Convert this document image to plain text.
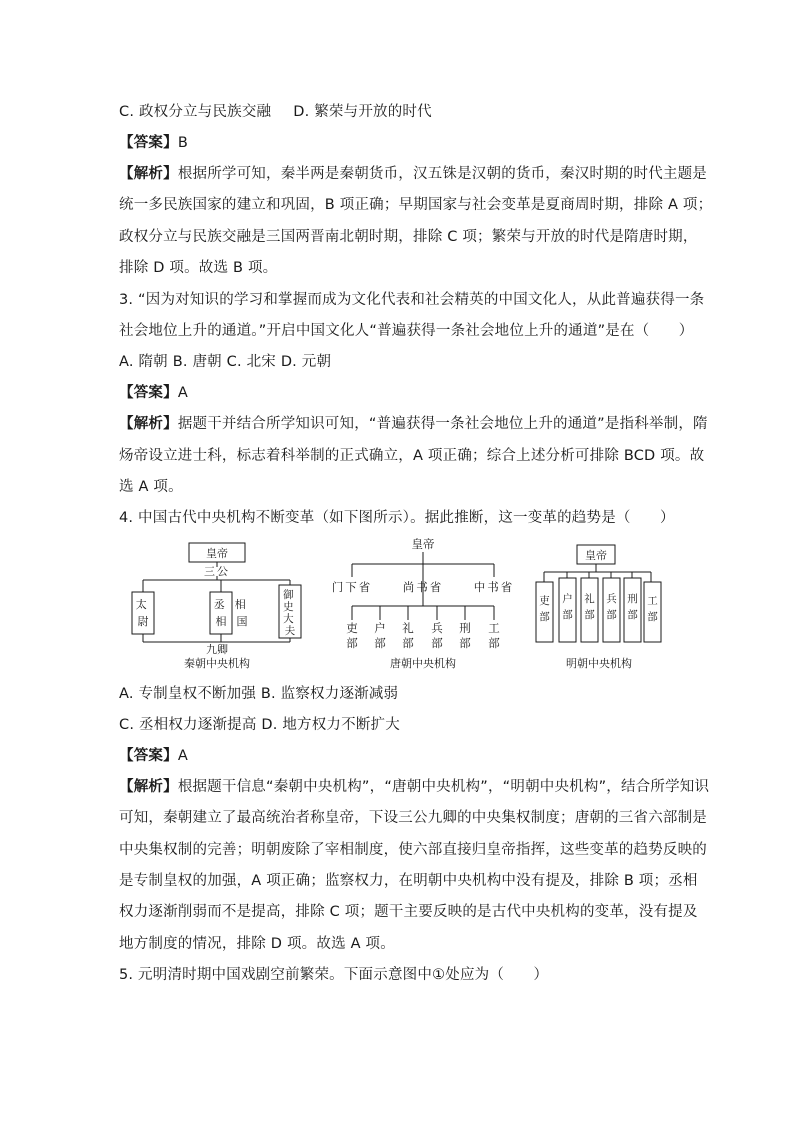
C. 政权分立与民族交融 D. 繁荣与开放的时代
【答案】B
【解析】根据所学可知，秦半两是秦朝货币，汉五铢是汉朝的货币，秦汉时期的时代主题是
统一多民族国家的建立和巩固，B 项正确；早期国家与社会变革是夏商周时期，排除 A 项；
政权分立与民族交融是三国两晋南北朝时期，排除 C 项；繁荣与开放的时代是隋唐时期，
排除 D 项。故选 B 项。
3. “因为对知识的学习和掌握而成为文化代表和社会精英的中国文化人，从此普遍获得一条
社会地位上升的通道。”开启中国文化人“普遍获得一条社会地位上升的通道”是在（　　）
A. 隋朝 B. 唐朝 C. 北宋 D. 元朝
【答案】A
【解析】据题干并结合所学知识可知，“普遍获得一条社会地位上升的通道”是指科举制，隋
炀帝设立进士科，标志着科举制的正式确立，A 项正确；综合上述分析可排除 BCD 项。故
选 A 项。
4. 中国古代中央机构不断变革（如下图所示）。据此推断，这一变革的趋势是（　　）
皇帝
三公
太 尉
丞 相
相 国
御 史 大 夫
九卿
秦朝中央机构
皇帝
门下省	尚书省	中书省
吏部
户部
礼部
兵部
刑部
工部
唐朝中央机构
皇帝
吏部
户部
礼部
兵部
刑部
工部
明朝中央机构
A. 专制皇权不断加强 B. 监察权力逐渐减弱
C. 丞相权力逐渐提高 D. 地方权力不断扩大
【答案】A
【解析】根据题干信息“秦朝中央机构”，“唐朝中央机构”，“明朝中央机构”，结合所学知识
可知，秦朝建立了最高统治者称皇帝，下设三公九卿的中央集权制度；唐朝的三省六部制是
中央集权制的完善；明朝废除了宰相制度，使六部直接归皇帝指挥，这些变革的趋势反映的
是专制皇权的加强，A 项正确；监察权力，在明朝中央机构中没有提及，排除 B 项；丞相
权力逐渐削弱而不是提高，排除 C 项；题干主要反映的是古代中央机构的变革，没有提及
地方制度的情况，排除 D 项。故选 A 项。
5. 元明清时期中国戏剧空前繁荣。下面示意图中①处应为（　　）
